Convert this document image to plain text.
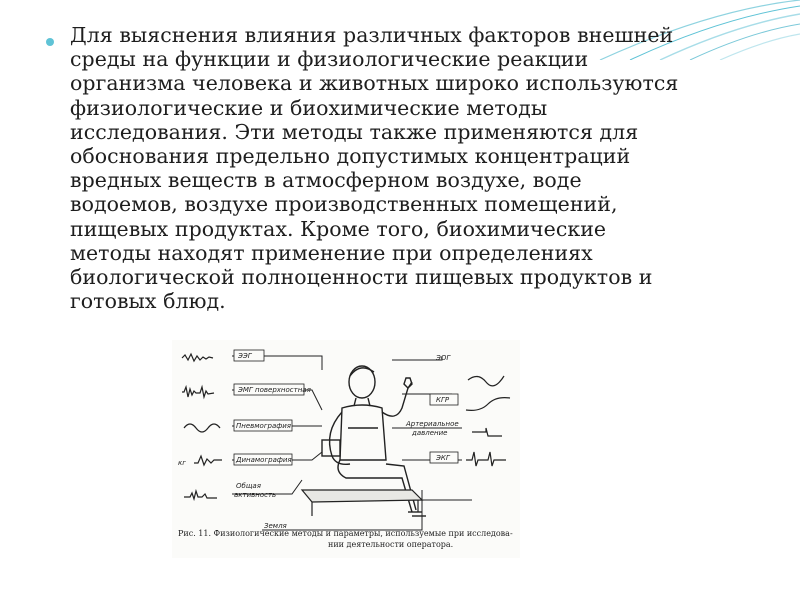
Для выяснения влияния различных факторов внешней
среды на функции и физиологические реакции
организма человека и животных широко используются
физиологические и биохимические методы
исследования. Эти методы также применяются для
обоснования предельно допустимых концентраций
вредных веществ в атмосферном воздухе, воде
водоемов, воздухе производственных помещений,
пищевых продуктах. Кроме того, биохимические
методы находят применение при определениях
биологической полноценности пищевых продуктов и
готовых блюд.
ЭЭГ
ЭМГ поверхностная
Пневмография
Динамография
Общая
активность
Земля
ЭОГ
КГР
Артериальное
давление
ЭКГ
кг
Рис. 11. Физиологические методы и параметры, используемые при исследова-
нии деятельности оператора.
